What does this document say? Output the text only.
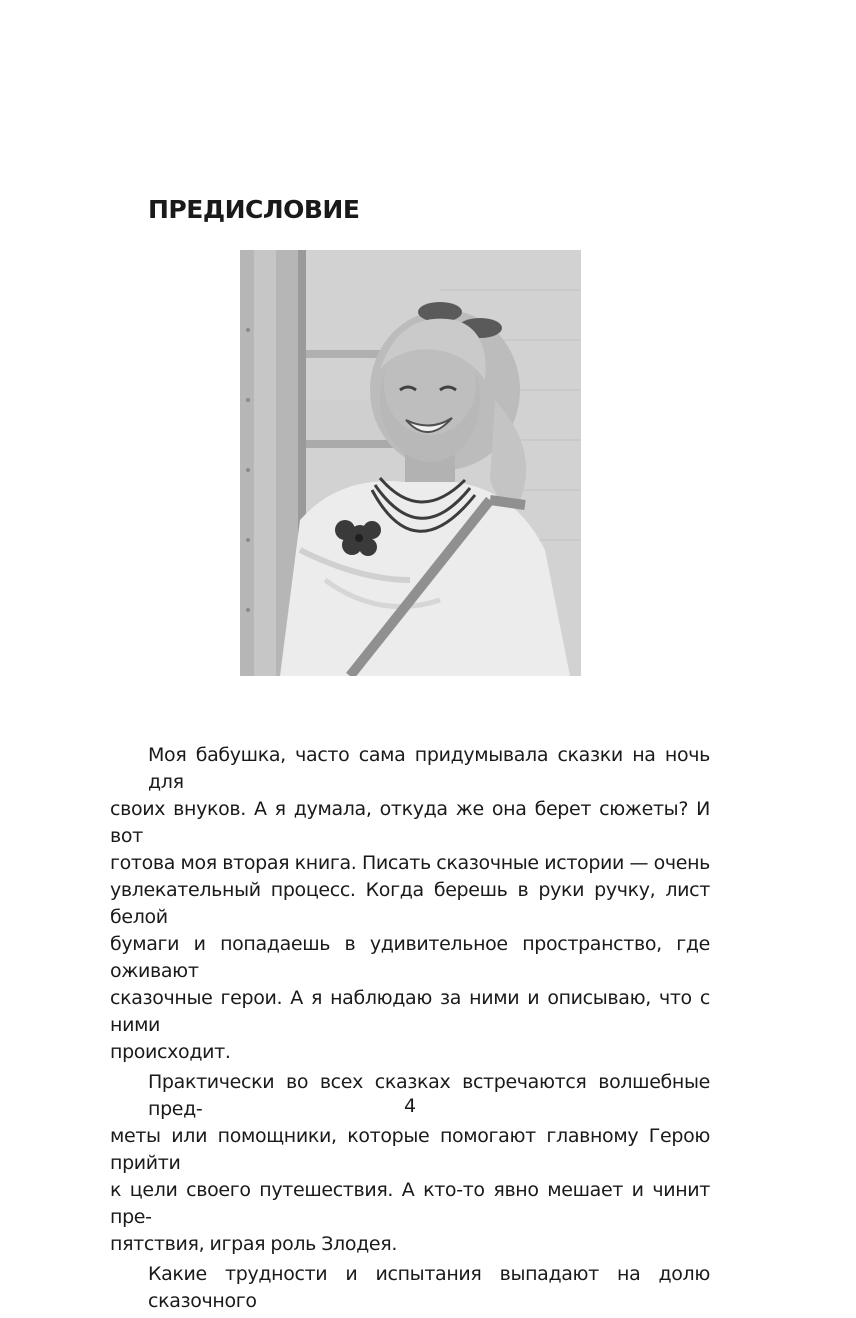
ПРЕДИСЛОВИЕ

Моя бабушка, часто сама придумывала сказки на ночь для
своих внуков. А я думала, откуда же она берет сюжеты? И вот
готова моя вторая книга. Писать сказочные истории — очень
увлекательный процесс. Когда берешь в руки ручку, лист белой
бумаги и попадаешь в удивительное пространство, где оживают
сказочные герои. А я наблюдаю за ними и описываю, что с ними
происходит.

Практически во всех сказках встречаются волшебные пред-
меты или помощники, которые помогают главному Герою прийти
к цели своего путешествия. А кто-то явно мешает и чинит пре-
пятствия, играя роль Злодея.

Какие трудности и испытания выпадают на долю сказочного

4
